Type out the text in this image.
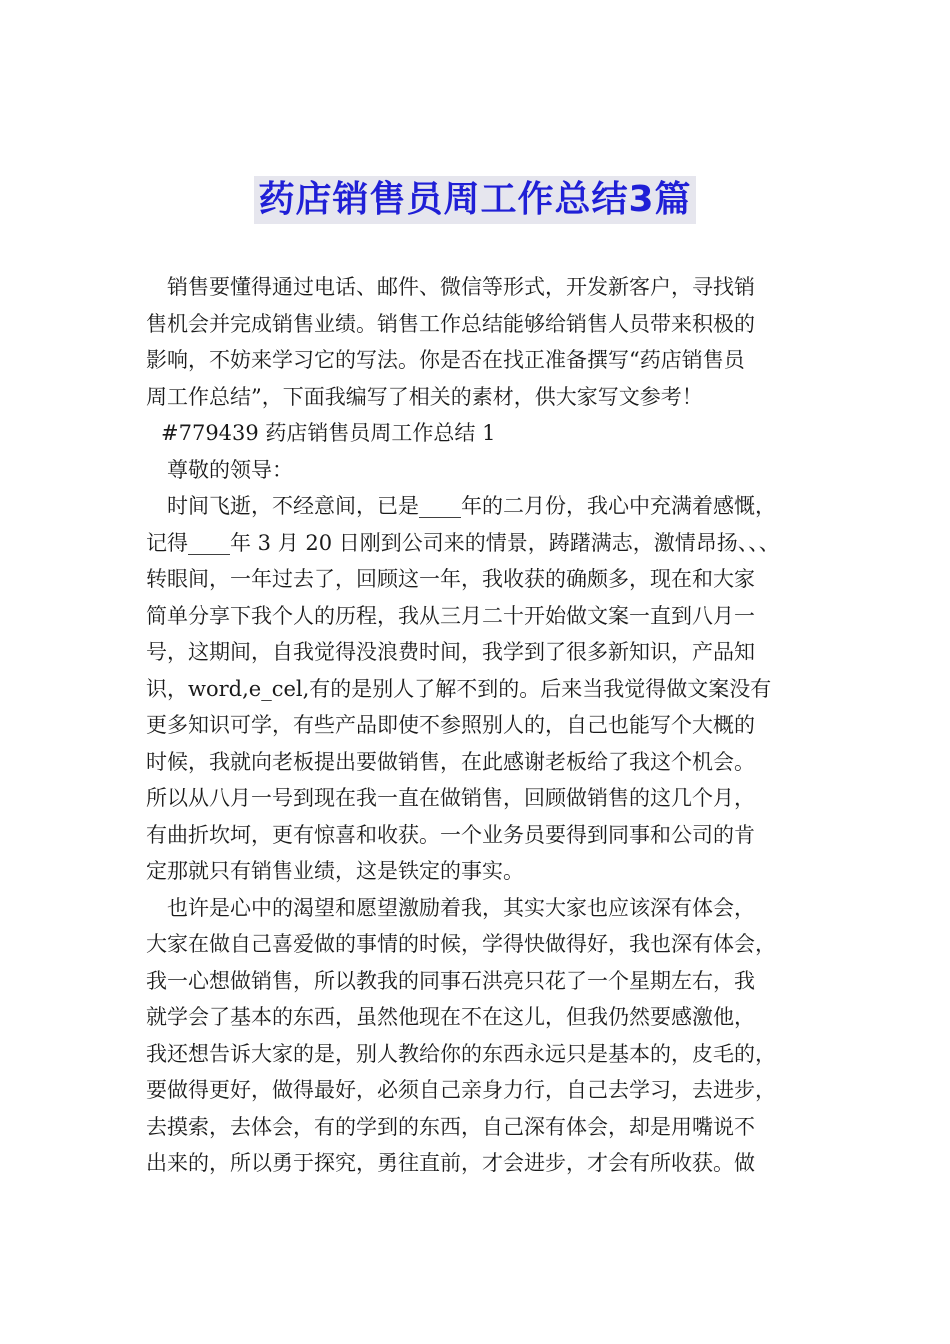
药店销售员周工作总结3篇
销售要懂得通过电话、邮件、微信等形式，开发新客户，寻找销
售机会并完成销售业绩。销售工作总结能够给销售人员带来积极的
影响，不妨来学习它的写法。你是否在找正准备撰写“药店销售员
周工作总结”，下面我编写了相关的素材，供大家写文参考！
#779439 药店销售员周工作总结 1
尊敬的领导：
时间飞逝，不经意间，已是____年的二月份，我心中充满着感慨，
记得____年 3 月 20 日刚到公司来的情景，踌躇满志，激情昂扬、、、
转眼间，一年过去了，回顾这一年，我收获的确颇多，现在和大家
简单分享下我个人的历程，我从三月二十开始做文案一直到八月一
号，这期间，自我觉得没浪费时间，我学到了很多新知识，产品知
识，word,e_cel,有的是别人了解不到的。后来当我觉得做文案没有
更多知识可学，有些产品即使不参照别人的，自己也能写个大概的
时候，我就向老板提出要做销售，在此感谢老板给了我这个机会。
所以从八月一号到现在我一直在做销售，回顾做销售的这几个月，
有曲折坎坷，更有惊喜和收获。一个业务员要得到同事和公司的肯
定那就只有销售业绩，这是铁定的事实。
也许是心中的渴望和愿望激励着我，其实大家也应该深有体会，
大家在做自己喜爱做的事情的时候，学得快做得好，我也深有体会，
我一心想做销售，所以教我的同事石洪亮只花了一个星期左右，我
就学会了基本的东西，虽然他现在不在这儿，但我仍然要感激他，
我还想告诉大家的是，别人教给你的东西永远只是基本的，皮毛的，
要做得更好，做得最好，必须自己亲身力行，自己去学习，去进步，
去摸索，去体会，有的学到的东西，自己深有体会，却是用嘴说不
出来的，所以勇于探究，勇往直前，才会进步，才会有所收获。做
